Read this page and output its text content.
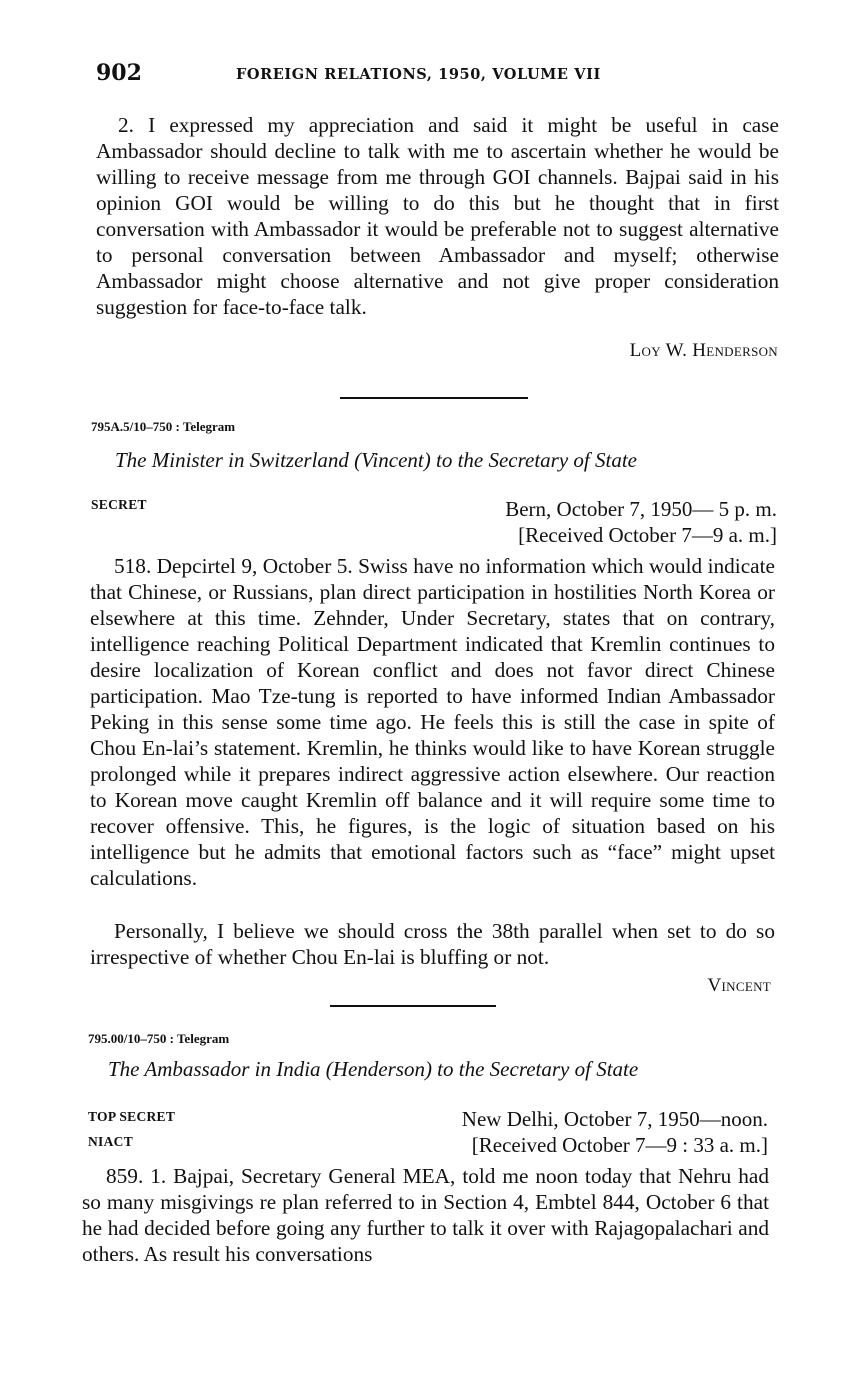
902	FOREIGN RELATIONS, 1950, VOLUME VII

2. I expressed my appreciation and said it might be useful in case Ambassador should decline to talk with me to ascertain whether he would be willing to receive message from me through GOI channels. Bajpai said in his opinion GOI would be willing to do this but he thought that in first conversation with Ambassador it would be preferable not to suggest alternative to personal conversation between Ambassador and myself; otherwise Ambassador might choose alternative and not give proper consideration suggestion for face-to-face talk.

Loy W. Henderson
795A.5/10–750 : Telegram
The Minister in Switzerland (Vincent) to the Secretary of State
SECRET	Bern, October 7, 1950— 5 p. m.
[Received October 7—9 a. m.]

518. Depcirtel 9, October 5. Swiss have no information which would indicate that Chinese, or Russians, plan direct participation in hostilities North Korea or elsewhere at this time. Zehnder, Under Secretary, states that on contrary, intelligence reaching Political Department indicated that Kremlin continues to desire localization of Korean conflict and does not favor direct Chinese participation. Mao Tze-tung is reported to have informed Indian Ambassador Peking in this sense some time ago. He feels this is still the case in spite of Chou En-lai’s statement. Kremlin, he thinks would like to have Korean struggle prolonged while it prepares indirect aggressive action elsewhere. Our reaction to Korean move caught Kremlin off balance and it will require some time to recover offensive. This, he figures, is the logic of situation based on his intelligence but he admits that emotional factors such as “face” might upset calculations.

Personally, I believe we should cross the 38th parallel when set to do so irrespective of whether Chou En-lai is bluffing or not.

Vincent
795.00/10–750 : Telegram
The Ambassador in India (Henderson) to the Secretary of State
TOP SECRET
NIACT
New Delhi, October 7, 1950—noon.
[Received October 7—9 : 33 a. m.]

859. 1. Bajpai, Secretary General MEA, told me noon today that Nehru had so many misgivings re plan referred to in Section 4, Embtel 844, October 6 that he had decided before going any further to talk it over with Rajagopalachari and others. As result his conversations
